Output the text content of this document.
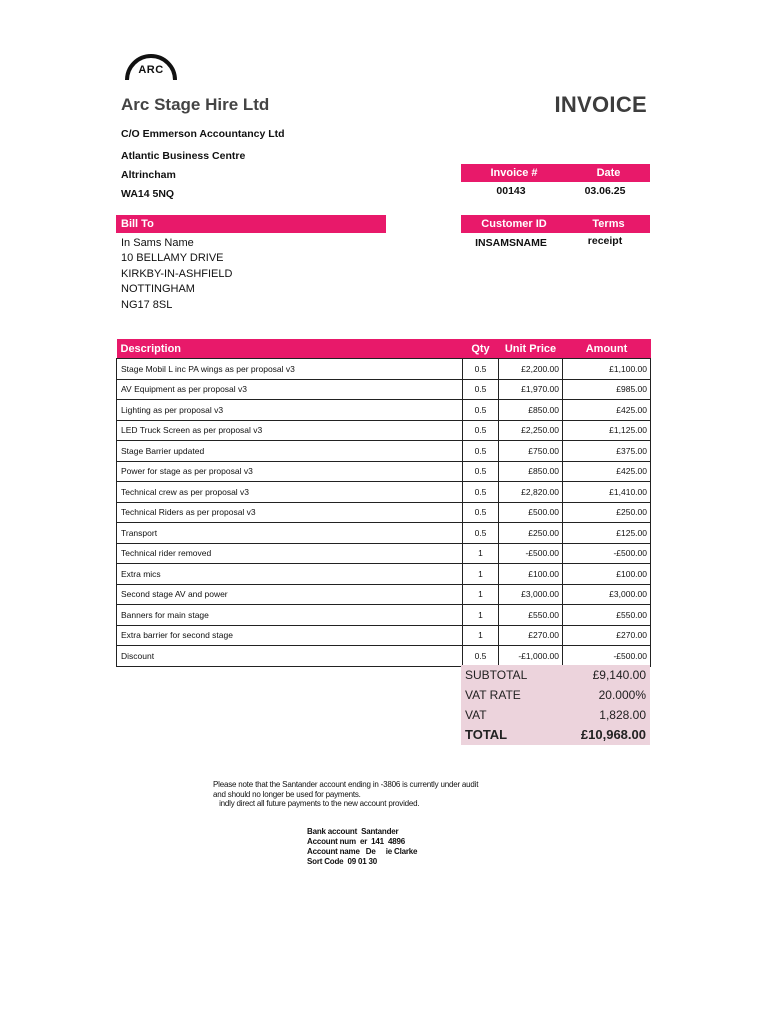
ARC
Arc Stage Hire Ltd	INVOICE
C/O Emmerson Accountancy Ltd
Atlantic Business Centre
Altrincham
WA14 5NQ
Invoice #	Date
00143	03.06.25
Customer ID	Terms
INSAMSNAME	receipt
Bill To
In Sams Name
10 BELLAMY DRIVE
KIRKBY-IN-ASHFIELD
NOTTINGHAM
NG17 8SL
Description	Qty	Unit Price	Amount
Stage Mobil L inc PA wings as per proposal v3	0.5	£2,200.00	£1,100.00
AV Equipment as per proposal v3	0.5	£1,970.00	£985.00
Lighting as per proposal v3	0.5	£850.00	£425.00
LED Truck Screen as per proposal v3	0.5	£2,250.00	£1,125.00
Stage Barrier updated	0.5	£750.00	£375.00
Power for stage as per proposal v3	0.5	£850.00	£425.00
Technical crew as per proposal v3	0.5	£2,820.00	£1,410.00
Technical Riders as per proposal v3	0.5	£500.00	£250.00
Transport	0.5	£250.00	£125.00
Technical rider removed	1	-£500.00	-£500.00
Extra mics	1	£100.00	£100.00
Second stage AV and power	1	£3,000.00	£3,000.00
Banners for main stage	1	£550.00	£550.00
Extra barrier for second stage	1	£270.00	£270.00
Discount	0.5	-£1,000.00	-£500.00
SUBTOTAL	£9,140.00
VAT RATE	20.000%
VAT	1,828.00
TOTAL	£10,968.00
Please note that the Santander account ending in -3806 is currently under audit
and should no longer be used for payments.
indly direct all future payments to the new account provided.
Bank account  Santander
Account num  er  141  4896
Account name   De     ie Clarke
Sort Code  09 01 30
